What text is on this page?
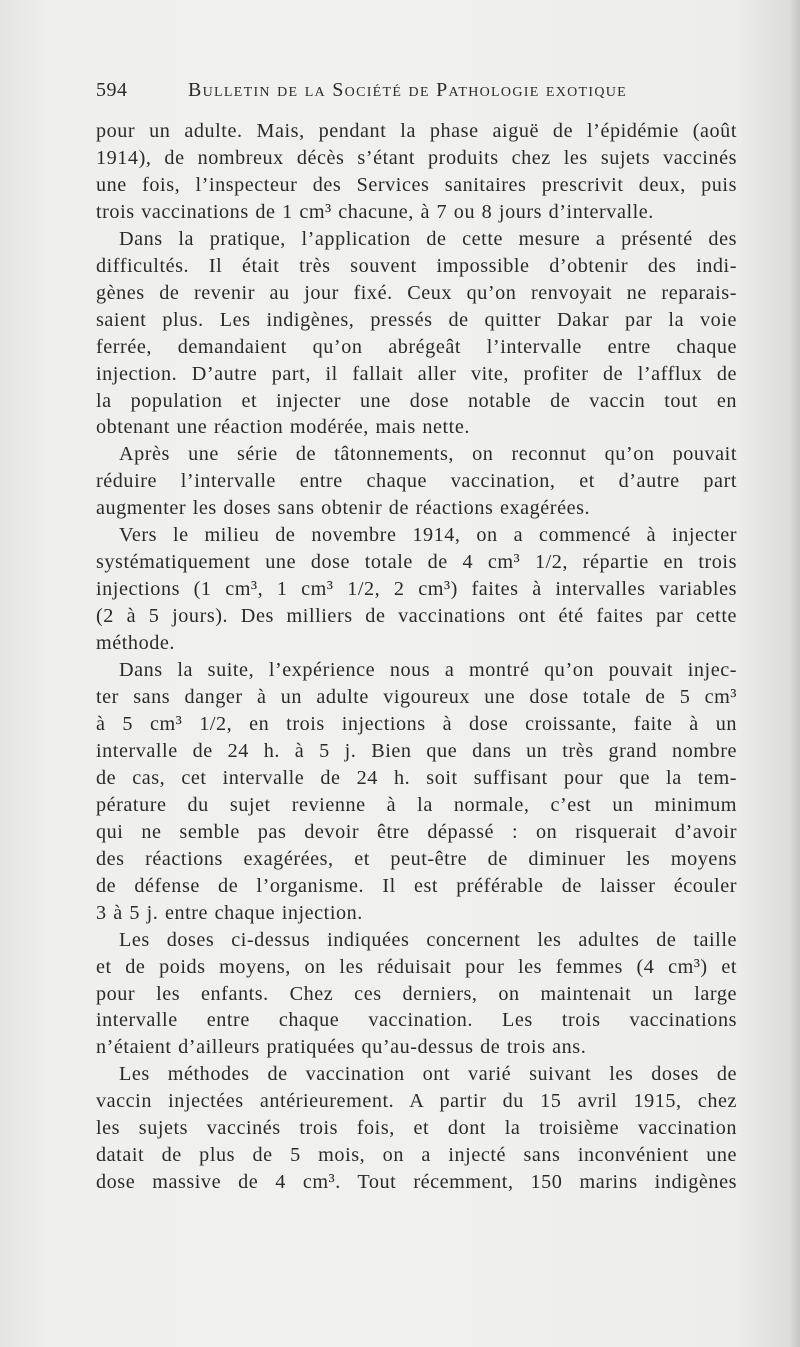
594	Bulletin de la Société de Pathologie exotique

pour un adulte. Mais, pendant la phase aiguë de l’épidémie (août

1914), de nombreux décès s’étant produits chez les sujets vaccinés

une fois, l’inspecteur des Services sanitaires prescrivit deux, puis

trois vaccinations de 1 cm³ chacune, à 7 ou 8 jours d’intervalle.

Dans la pratique, l’application de cette mesure a présenté des

difficultés. Il était très souvent impossible d’obtenir des indi-

gènes de revenir au jour fixé. Ceux qu’on renvoyait ne reparais-

saient plus. Les indigènes, pressés de quitter Dakar par la voie

ferrée, demandaient qu’on abrégeât l’intervalle entre chaque

injection. D’autre part, il fallait aller vite, profiter de l’afflux de

la population et injecter une dose notable de vaccin tout en

obtenant une réaction modérée, mais nette.

Après une série de tâtonnements, on reconnut qu’on pouvait

réduire l’intervalle entre chaque vaccination, et d’autre part

augmenter les doses sans obtenir de réactions exagérées.

Vers le milieu de novembre 1914, on a commencé à injecter

systématiquement une dose totale de 4 cm³ 1/2, répartie en trois

injections (1 cm³, 1 cm³ 1/2, 2 cm³) faites à intervalles variables

(2 à 5 jours). Des milliers de vaccinations ont été faites par cette

méthode.

Dans la suite, l’expérience nous a montré qu’on pouvait injec-

ter sans danger à un adulte vigoureux une dose totale de 5 cm³

à 5 cm³ 1/2, en trois injections à dose croissante, faite à un

intervalle de 24 h. à 5 j. Bien que dans un très grand nombre

de cas, cet intervalle de 24 h. soit suffisant pour que la tem-

pérature du sujet revienne à la normale, c’est un minimum

qui ne semble pas devoir être dépassé : on risquerait d’avoir

des réactions exagérées, et peut-être de diminuer les moyens

de défense de l’organisme. Il est préférable de laisser écouler

3 à 5 j. entre chaque injection.

Les doses ci-dessus indiquées concernent les adultes de taille

et de poids moyens, on les réduisait pour les femmes (4 cm³) et

pour les enfants. Chez ces derniers, on maintenait un large

intervalle entre chaque vaccination. Les trois vaccinations

n’étaient d’ailleurs pratiquées qu’au-dessus de trois ans.

Les méthodes de vaccination ont varié suivant les doses de

vaccin injectées antérieurement. A partir du 15 avril 1915, chez

les sujets vaccinés trois fois, et dont la troisième vaccination

datait de plus de 5 mois, on a injecté sans inconvénient une

dose massive de 4 cm³. Tout récemment, 150 marins indigènes
